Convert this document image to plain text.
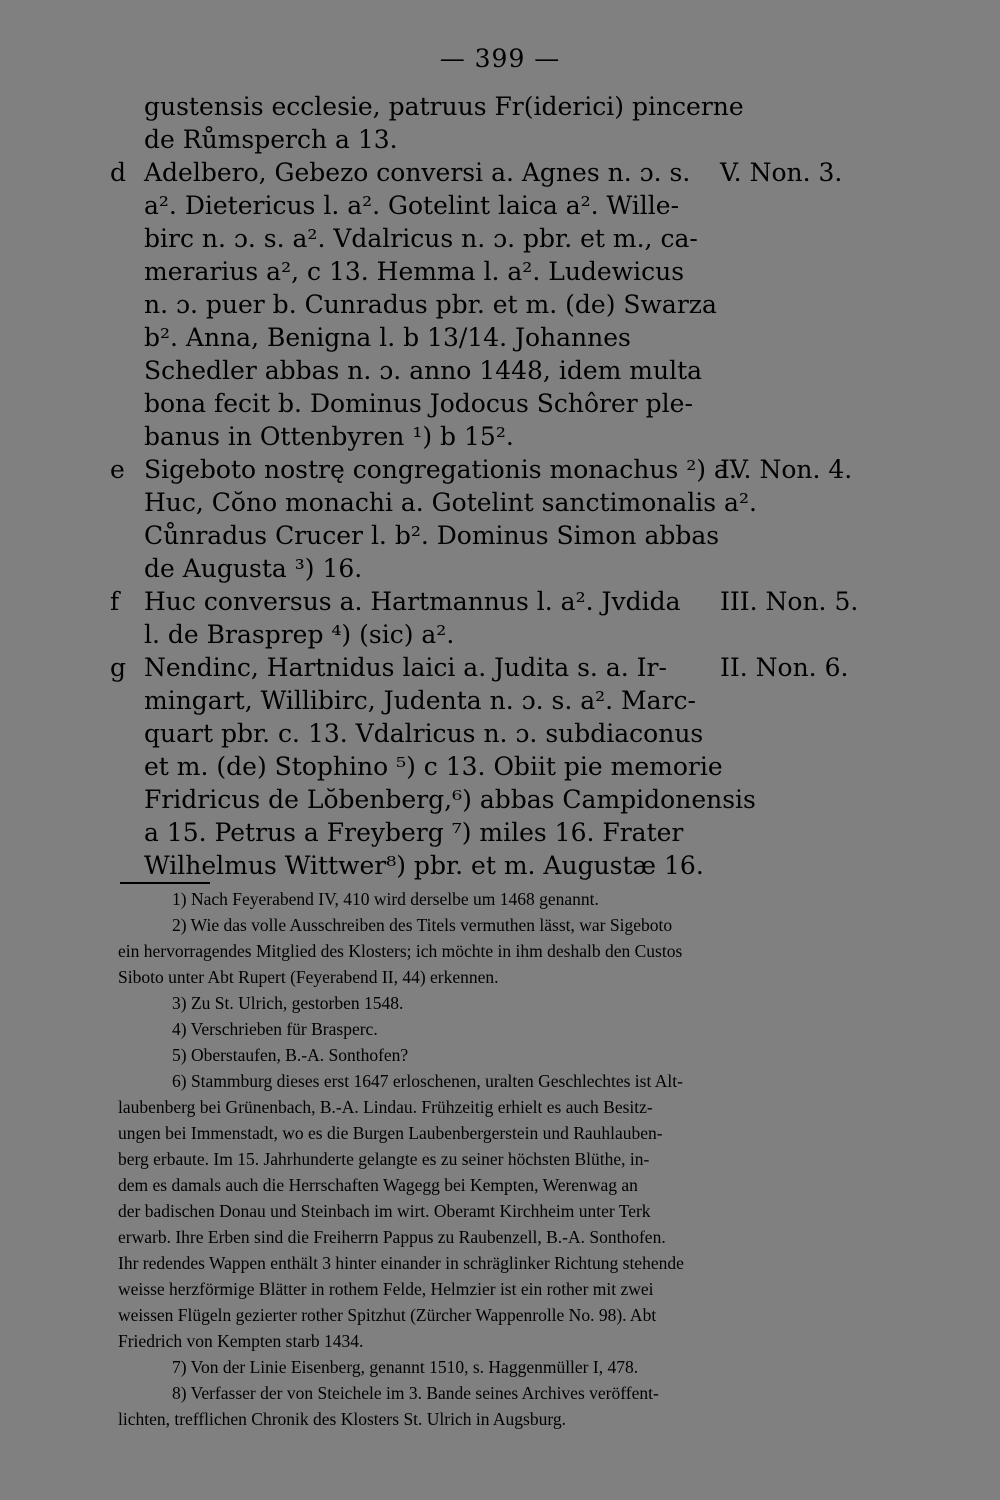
— 399 —
gustensis ecclesie, patruus Fr(iderici) pincerne
de Růmsperch a 13.
d Adelbero, Gebezo conversi a. Agnes n. ɔ. s. V. Non. 3.
a². Dietericus l. a². Gotelint laica a². Wille-
birc n. ɔ. s. a². Vdalricus n. ɔ. pbr. et m., ca-
merarius a², c 13. Hemma l. a². Ludewicus
n. ɔ. puer b. Cunradus pbr. et m. (de) Swarza
b². Anna, Benigna l. b 13/14. Johannes
Schedler abbas n. ɔ. anno 1448, idem multa
bona fecit b. Dominus Jodocus Schôrer ple-
banus in Ottenbyren ¹) b 15².
e Sigeboto nostrę congregationis monachus ²) a.
IV. Non. 4.
Huc, Cŏno monachi a. Gotelint sanctimonalis a².
Cůnradus Crucer l. b². Dominus Simon abbas
de Augusta ³) 16.
f Huc conversus a. Hartmannus l. a². Jvdida III. Non. 5.
l. de Brasprep ⁴) (sic) a².
g Nendinc, Hartnidus laici a. Judita s. a. Ir- II. Non. 6.
mingart, Willibirc, Judenta n. ɔ. s. a². Marc-
quart pbr. c. 13. Vdalricus n. ɔ. subdiaconus
et m. (de) Stophino ⁵) c 13. Obiit pie memorie
Fridricus de Lŏbenberg,⁶) abbas Campidonensis
a 15. Petrus a Freyberg ⁷) miles 16. Frater
Wilhelmus Wittwer⁸) pbr. et m. Augustæ 16.
1) Nach Feyerabend IV, 410 wird derselbe um 1468 genannt.
2) Wie das volle Ausschreiben des Titels vermuthen lässt, war Sigeboto
ein hervorragendes Mitglied des Klosters; ich möchte in ihm deshalb den Custos
Siboto unter Abt Rupert (Feyerabend II, 44) erkennen.
3) Zu St. Ulrich, gestorben 1548.
4) Verschrieben für Brasperc.
5) Oberstaufen, B.-A. Sonthofen?
6) Stammburg dieses erst 1647 erloschenen, uralten Geschlechtes ist Alt-
laubenberg bei Grünenbach, B.-A. Lindau. Frühzeitig erhielt es auch Besitz-
ungen bei Immenstadt, wo es die Burgen Laubenbergerstein und Rauhlauben-
berg erbaute. Im 15. Jahrhunderte gelangte es zu seiner höchsten Blüthe, in-
dem es damals auch die Herrschaften Wagegg bei Kempten, Werenwag an
der badischen Donau und Steinbach im wirt. Oberamt Kirchheim unter Terk
erwarb. Ihre Erben sind die Freiherrn Pappus zu Raubenzell, B.-A. Sonthofen.
Ihr redendes Wappen enthält 3 hinter einander in schräglinker Richtung stehende
weisse herzförmige Blätter in rothem Felde, Helmzier ist ein rother mit zwei
weissen Flügeln gezierter rother Spitzhut (Zürcher Wappenrolle No. 98). Abt
Friedrich von Kempten starb 1434.
7) Von der Linie Eisenberg, genannt 1510, s. Haggenmüller I, 478.
8) Verfasser der von Steichele im 3. Bande seines Archives veröffent-
lichten, trefflichen Chronik des Klosters St. Ulrich in Augsburg.
